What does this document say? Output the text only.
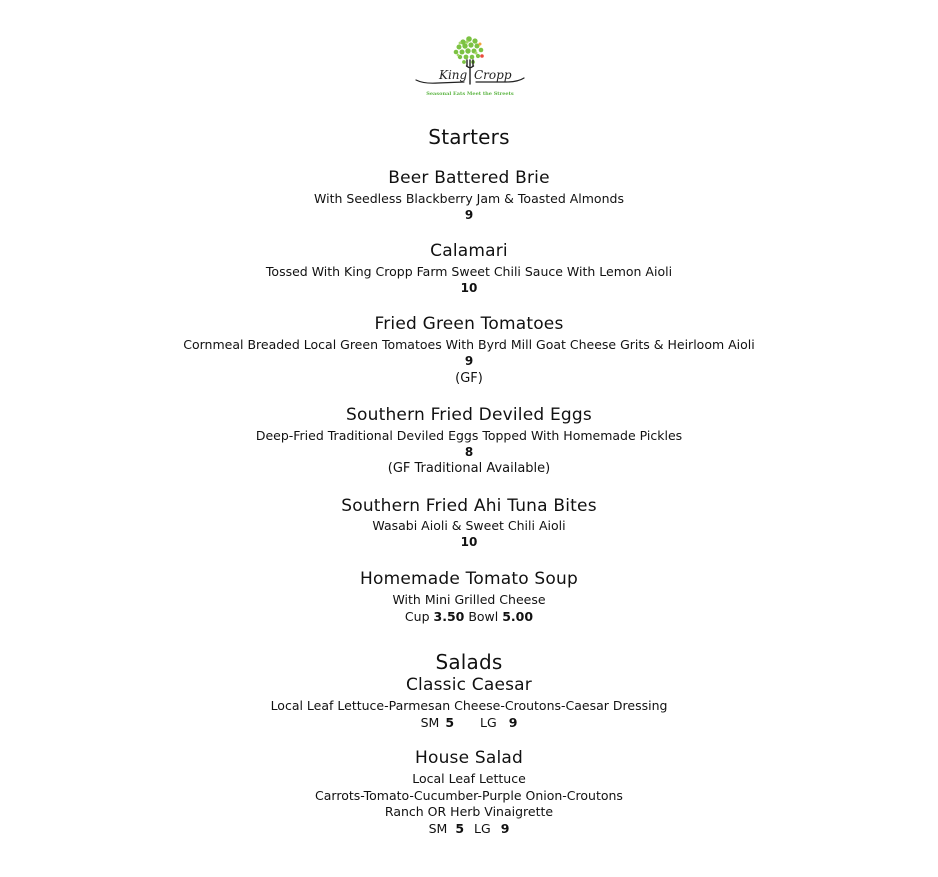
King Cropp
Seasonal Eats Meet the Streets
Starters
Beer Battered Brie
With Seedless Blackberry Jam & Toasted Almonds
9
Calamari
Tossed With King Cropp Farm Sweet Chili Sauce With Lemon Aioli
10
Fried Green Tomatoes
Cornmeal Breaded Local Green Tomatoes With Byrd Mill Goat Cheese Grits & Heirloom Aioli
9
(GF)
Southern Fried Deviled Eggs
Deep-Fried Traditional Deviled Eggs Topped With Homemade Pickles
8
(GF Traditional Available)
Southern Fried Ahi Tuna Bites
Wasabi Aioli & Sweet Chili Aioli
10
Homemade Tomato Soup
With Mini Grilled Cheese
Cup 3.50 Bowl 5.00
Salads
Classic Caesar
Local Leaf Lettuce-Parmesan Cheese-Croutons-Caesar Dressing
SM 5 LG 9
House Salad
Local Leaf Lettuce
Carrots-Tomato-Cucumber-Purple Onion-Croutons
Ranch OR Herb Vinaigrette
SM 5 LG 9
